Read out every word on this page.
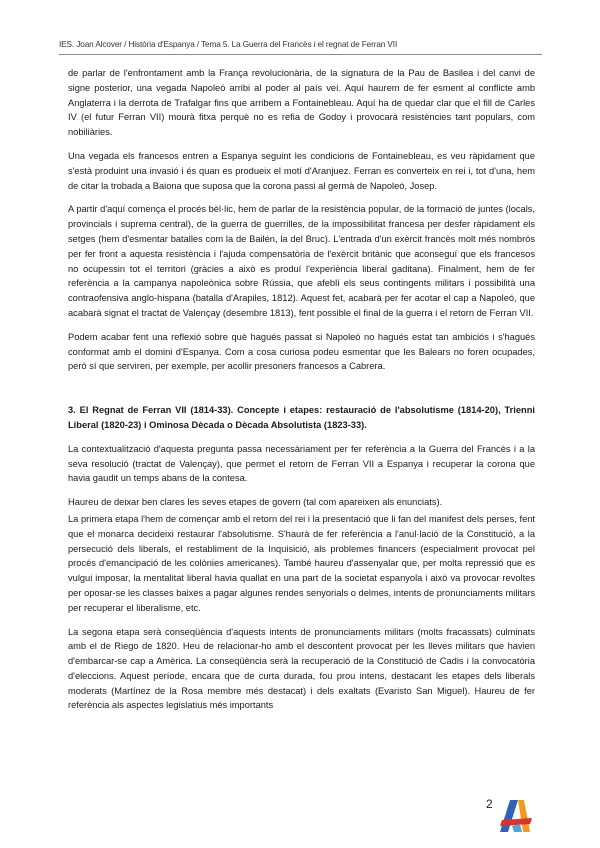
IES. Joan Alcover / Història d'Espanya / Tema 5. La Guerra del Francès i el regnat de Ferran VII

de parlar de l'enfrontament amb la França revolucionària, de la signatura de la Pau de Basilea i del canvi de signe posterior, una vegada Napoleó arribi al poder al país veí. Aquí haurem de fer esment al conflicte amb Anglaterra i la derrota de Trafalgar fins que arribem a Fontainebleau. Aquí ha de quedar clar que el fill de Carles IV (el futur Ferran VII) mourà fitxa perquè no es refia de Godoy i provocarà resistències tant populars, com nobiliàries.

Una vegada els francesos entren a Espanya seguint les condicions de Fontainebleau, es veu ràpidament que s'està produint una invasió i és quan es produeix el motí d'Aranjuez. Ferran es converteix en rei i, tot d'una, hem de citar la trobada a Baiona que suposa que la corona passi al germà de Napoleó, Josep.

A partir d'aquí comença el procés bèl·lic, hem de parlar de la resistència popular, de la formació de juntes (locals, provincials i suprema central), de la guerra de guerrilles, de la impossibilitat francesa per desfer ràpidament els setges (hem d'esmentar batalles com la de Bailén, la del Bruc). L'entrada d'un exèrcit francès molt més nombrós per fer front a aquesta resistència i l'ajuda compensatòria de l'exèrcit britànic que aconseguí que els francesos no ocupessin tot el territori (gràcies a això es produí l'experiència liberal gaditana). Finalment, hem de fer referència a la campanya napoleònica sobre Rússia, que afeblí els seus contingents militars i possibilità una contraofensiva anglo-hispana (batalla d'Arapiles, 1812). Aquest fet, acabarà per fer acotar el cap a Napoleó, que acabarà signat el tractat de Valençay (desembre 1813), fent possible el final de la guerra i el retorn de Ferran VII.

Podem acabar fent una reflexió sobre què hagués passat si Napoleó no hagués estat tan ambiciós i s'hagués conformat amb el domini d'Espanya. Com a cosa curiosa podeu esmentar que les Balears no foren ocupades, però sí que serviren, per exemple, per acollir presoners francesos a Cabrera.

3. El Regnat de Ferran VII (1814-33). Concepte i etapes: restauració de l'absolutisme (1814-20), Trienni Liberal (1820-23) i Ominosa Dècada o Dècada Absolutista (1823-33).

La contextualització d'aquesta pregunta passa necessàriament per fer referència a la Guerra del Francès i a la seva resolució (tractat de Valençay), que permet el retorn de Ferran VII a Espanya i recuperar la corona que havia gaudit un temps abans de la contesa.

Haureu de deixar ben clares les seves etapes de govern (tal com apareixen als enunciats).

La primera etapa l'hem de començar amb el retorn del rei i la presentació que li fan del manifest dels perses, fent que el monarca decideixi restaurar l'absolutisme. S'haurà de fer referència a l'anul·lació de la Constitució, a la persecució dels liberals, el restabliment de la Inquisició, als problemes financers (especialment provocat pel procés d'emancipació de les colònies americanes). També haureu d'assenyalar que, per molta repressió que es vulgui imposar, la mentalitat liberal havia quallat en una part de la societat espanyola i això va provocar revoltes per oposar-se les classes baixes a pagar algunes rendes senyorials o delmes, intents de pronunciaments militars per recuperar el liberalisme, etc.

La segona etapa serà conseqüència d'aquests intents de pronunciaments militars (molts fracassats) culminats amb el de Riego de 1820. Heu de relacionar-ho amb el descontent provocat per les lleves militars que havien d'embarcar-se cap a Amèrica. La conseqüència serà la recuperació de la Constitució de Cadis i la convocatòria d'eleccions. Aquest període, encara que de curta durada, fou prou intens, destacant les etapes dels liberals moderats (Martínez de la Rosa membre més destacat) i dels exaltats (Evaristo San Miguel). Haureu de fer referència als aspectes legislatius més importants

2
